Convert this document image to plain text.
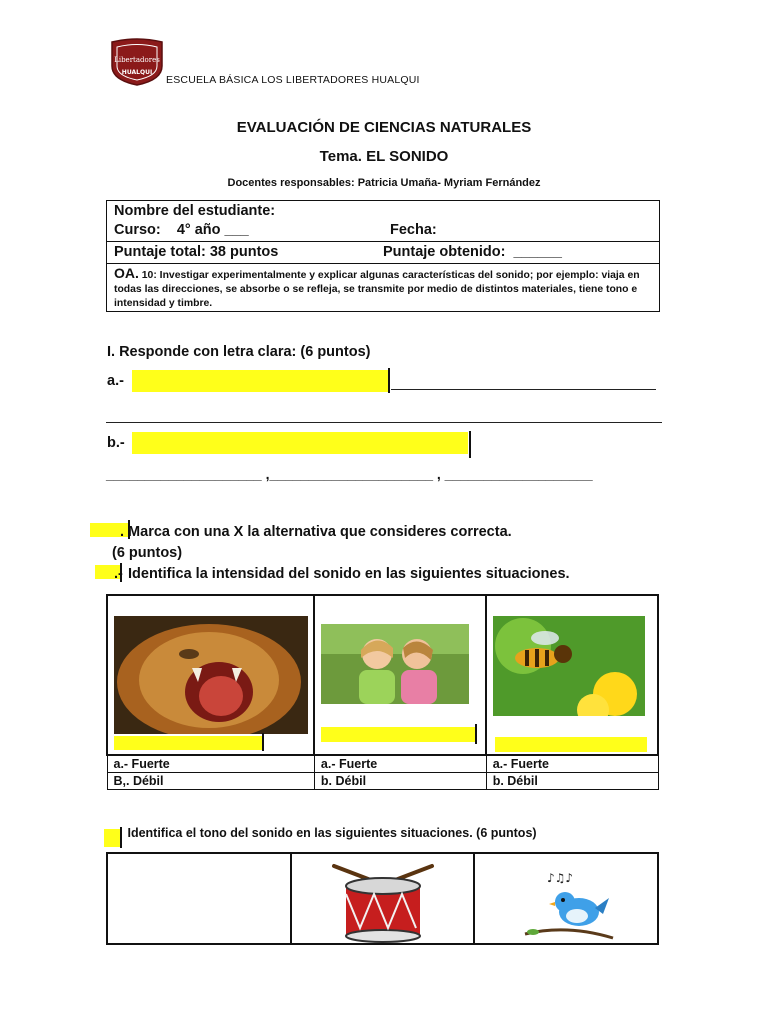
Libertadores
HUALQUI
ESCUELA BÁSICA LOS LIBERTADORES HUALQUI
EVALUACIÓN DE CIENCIAS NATURALES
Tema. EL SONIDO
Docentes responsables: Patricia Umaña- Myriam Fernández
Nombre del estudiante:
Curso:    4° año ___	Fecha:
Puntaje total: 38 puntos	Puntaje obtenido:  ______
OA. 10: Investigar experimentalmente y explicar algunas características del sonido; por ejemplo: viaja en todas las direcciones, se absorbe o se refleja, se transmite por medio de distintos materiales, tiene tono e intensidad y timbre.
I. Responde con letra clara: (6 puntos)
a.-
b.-
____________________ ,_____________________ , ___________________
. Marca con una X la alternativa que consideres correcta.
(6 puntos)
.- Identifica la intensidad del sonido en las siguientes situaciones.

a.- Fuerte	a.- Fuerte	a.- Fuerte
B,. Débil	b. Débil	b. Débil
Identifica el tono del sonido en las siguientes situaciones. (6 puntos)

♪♫♪
